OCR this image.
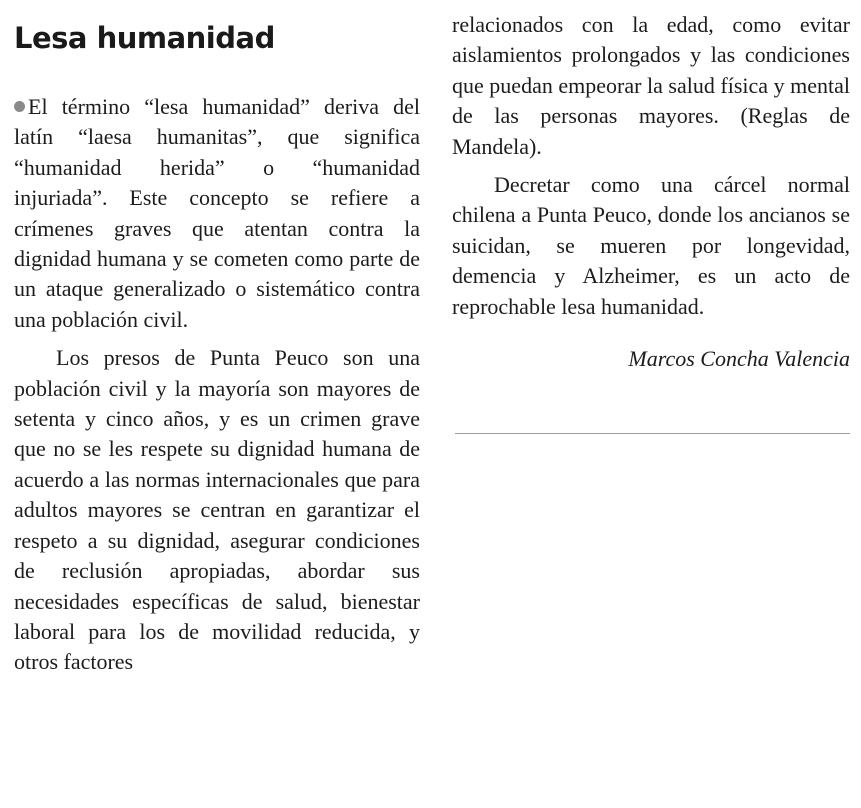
Lesa humanidad

El término “lesa humanidad” deriva del latín “laesa humanitas”, que significa “humanidad herida” o “humanidad injuriada”. Este concepto se refiere a crímenes graves que atentan contra la dignidad humana y se cometen como parte de un ataque generalizado o sistemático contra una población civil.

Los presos de Punta Peuco son una población civil y la mayoría son mayores de setenta y cinco años, y es un crimen grave que no se les respete su dignidad humana de acuerdo a las normas internacionales que para adultos mayores se centran en garantizar el respeto a su dignidad, asegurar condiciones de reclusión apropiadas, abordar sus necesidades específicas de salud, bienestar laboral para los de movilidad reducida, y otros factores

relacionados con la edad, como evitar aislamientos prolongados y las condiciones que puedan empeorar la salud física y mental de las personas mayores. (Reglas de Mandela).

Decretar como una cárcel normal chilena a Punta Peuco, donde los ancianos se suicidan, se mueren por longevidad, demencia y Alzheimer, es un acto de reprochable lesa humanidad.

Marcos Concha Valencia
